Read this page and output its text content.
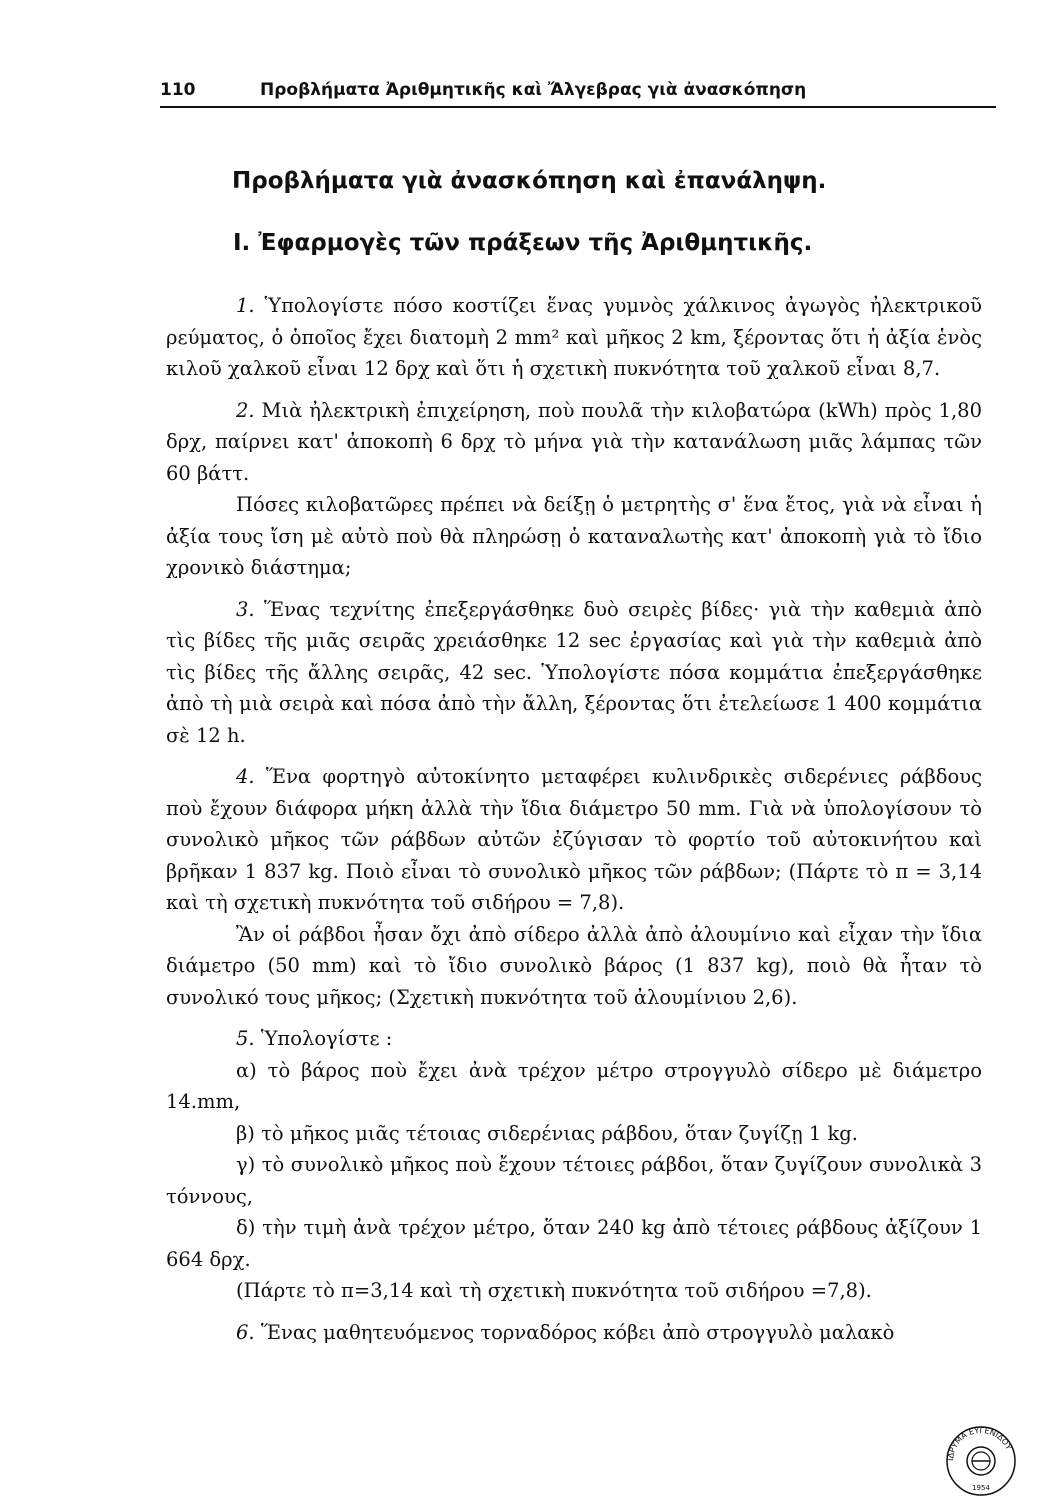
110	Προβλήματα Ἀριθμητικῆς καὶ Ἄλγεβρας γιὰ ἀνασκόπηση
Προβλήματα γιὰ ἀνασκόπηση καὶ ἐπανάληψη.
I. Ἐφαρμογὲς τῶν πράξεων τῆς Ἀριθμητικῆς.

1. Ὑπολογίστε πόσο κοστίζει ἕνας γυμνὸς χάλκινος ἀγωγὸς ἠλεκτρικοῦ ρεύματος, ὁ ὁποῖος ἔχει διατομὴ 2 mm² καὶ μῆκος 2 km, ξέροντας ὅτι ἡ ἀξία ἑνὸς κιλοῦ χαλκοῦ εἶναι 12 δρχ καὶ ὅτι ἡ σχετικὴ πυκνότητα τοῦ χαλκοῦ εἶναι 8,7.

2. Μιὰ ἠλεκτρικὴ ἐπιχείρηση, ποὺ πουλᾶ τὴν κιλοβατώρα (kWh) πρὸς 1,80 δρχ, παίρνει κατ' ἀποκοπὴ 6 δρχ τὸ μήνα γιὰ τὴν κατανάλωση μιᾶς λάμπας τῶν 60 βάττ.

Πόσες κιλοβατῶρες πρέπει νὰ δείξῃ ὁ μετρητὴς σ' ἕνα ἔτος, γιὰ νὰ εἶναι ἡ ἀξία τους ἴση μὲ αὐτὸ ποὺ θὰ πληρώσῃ ὁ καταναλωτὴς κατ' ἀποκοπὴ γιὰ τὸ ἴδιο χρονικὸ διάστημα;

3. Ἕνας τεχνίτης ἐπεξεργάσθηκε δυὸ σειρὲς βίδες· γιὰ τὴν καθεμιὰ ἀπὸ τὶς βίδες τῆς μιᾶς σειρᾶς χρειάσθηκε 12 sec ἐργασίας καὶ γιὰ τὴν καθεμιὰ ἀπὸ τὶς βίδες τῆς ἄλλης σειρᾶς, 42 sec. Ὑπολογίστε πόσα κομμάτια ἐπεξεργάσθηκε ἀπὸ τὴ μιὰ σειρὰ καὶ πόσα ἀπὸ τὴν ἄλλη, ξέροντας ὅτι ἐτελείωσε 1 400 κομμάτια σὲ 12 h.

4. Ἕνα φορτηγὸ αὐτοκίνητο μεταφέρει κυλινδρικὲς σιδερένιες ράβδους ποὺ ἔχουν διάφορα μήκη ἀλλὰ τὴν ἴδια διάμετρο 50 mm. Γιὰ νὰ ὑπολογίσουν τὸ συνολικὸ μῆκος τῶν ράβδων αὐτῶν ἐζύγισαν τὸ φορτίο τοῦ αὐτοκινήτου καὶ βρῆκαν 1 837 kg. Ποιὸ εἶναι τὸ συνολικὸ μῆκος τῶν ράβδων; (Πάρτε τὸ π = 3,14 καὶ τὴ σχετικὴ πυκνότητα τοῦ σιδήρου = 7,8).

Ἂν οἱ ράβδοι ἦσαν ὄχι ἀπὸ σίδερο ἀλλὰ ἀπὸ ἀλουμίνιο καὶ εἶχαν τὴν ἴδια διάμετρο (50 mm) καὶ τὸ ἴδιο συνολικὸ βάρος (1 837 kg), ποιὸ θὰ ἦταν τὸ συνολικό τους μῆκος; (Σχετικὴ πυκνότητα τοῦ ἀλουμίνιου 2,6).

5. Ὑπολογίστε :

α) τὸ βάρος ποὺ ἔχει ἀνὰ τρέχον μέτρο στρογγυλὸ σίδερο μὲ διάμετρο 14.mm,

β) τὸ μῆκος μιᾶς τέτοιας σιδερένιας ράβδου, ὅταν ζυγίζῃ 1 kg.

γ) τὸ συνολικὸ μῆκος ποὺ ἔχουν τέτοιες ράβδοι, ὅταν ζυγίζουν συνολικὰ 3 τόννους,

δ) τὴν τιμὴ ἀνὰ τρέχον μέτρο, ὅταν 240 kg ἀπὸ τέτοιες ράβδους ἀξίζουν 1 664 δρχ.

(Πάρτε τὸ π=3,14 καὶ τὴ σχετικὴ πυκνότητα τοῦ σιδήρου =7,8).

6. Ἕνας μαθητευόμενος τορναδόρος κόβει ἀπὸ στρογγυλὸ μαλακὸ

ΙΔΡΥΜΑ ΕΥΓΕΝΙΔΟΥ
1954
